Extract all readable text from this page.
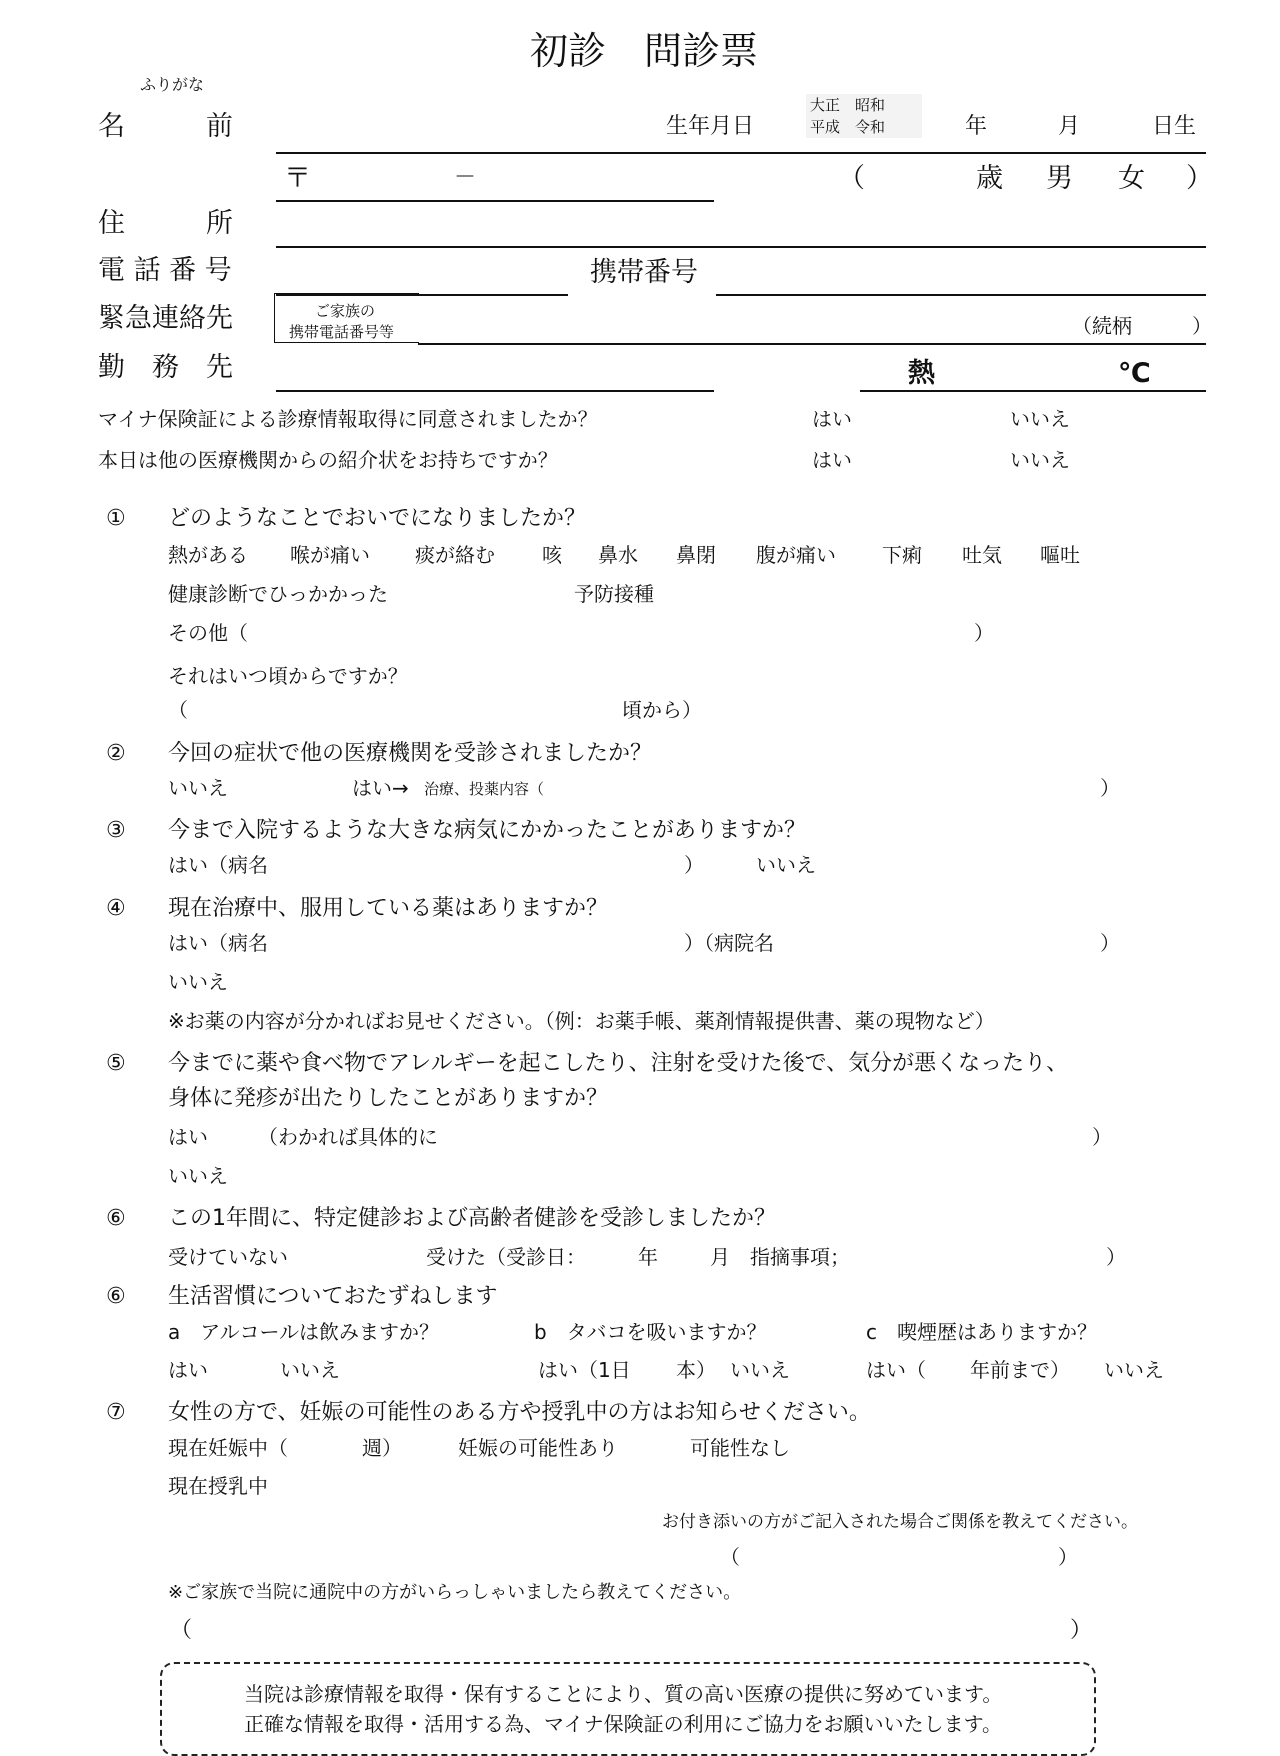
初診　問診票
ふりがな
名　　　前	生年月日
大正　昭和
平成　令和	年	月	日生
〒	－	（	歳 男 女 ）
住　　　所
電 話 番 号	携帯番号
緊急連絡先	ご家族の
携帯電話番号等	（続柄　　　）
勤　務　先	熱	℃
マイナ保険証による診療情報取得に同意されましたか？	はい	いいえ
本日は他の医療機関からの紹介状をお持ちですか？	はい	いいえ
① どのようなことでおいでになりましたか？
熱がある 喉が痛い 痰が絡む 咳 鼻水 鼻閉 腹が痛い 下痢 吐気 嘔吐
健康診断でひっかかった	予防接種
その他（	）
それはいつ頃からですか？
（	頃から）
② 今回の症状で他の医療機関を受診されましたか？
いいえ	はい→ 治療、投薬内容（	）
③ 今まで入院するような大きな病気にかかったことがありますか？
はい（病名	）	いいえ
④ 現在治療中、服用している薬はありますか？
はい（病名	）（病院名	）
いいえ
※お薬の内容が分かればお見せください。（例：お薬手帳、薬剤情報提供書、薬の現物など）
⑤ 今までに薬や食べ物でアレルギーを起こしたり、注射を受けた後で、気分が悪くなったり、
身体に発疹が出たりしたことがありますか？
はい	（わかれば具体的に	）
いいえ
⑥ この1年間に、特定健診および高齢者健診を受診しましたか？
受けていない	受けた（受診日：	年	月 指摘事項；	）
⑥ 生活習慣についておたずねします
a　アルコールは飲みますか？	b　タバコを吸いますか？	c　喫煙歴はありますか？
はい	いいえ	はい（1日 本） いいえ	はい（ 年前まで） いいえ
⑦ 女性の方で、妊娠の可能性のある方や授乳中の方はお知らせください。
現在妊娠中（	週）	妊娠の可能性あり	可能性なし
現在授乳中
お付き添いの方がご記入された場合ご関係を教えてください。
（	）
※ご家族で当院に通院中の方がいらっしゃいましたら教えてください。
（	）
当院は診療情報を取得・保有することにより、質の高い医療の提供に努めています。
正確な情報を取得・活用する為、マイナ保険証の利用にご協力をお願いいたします。
